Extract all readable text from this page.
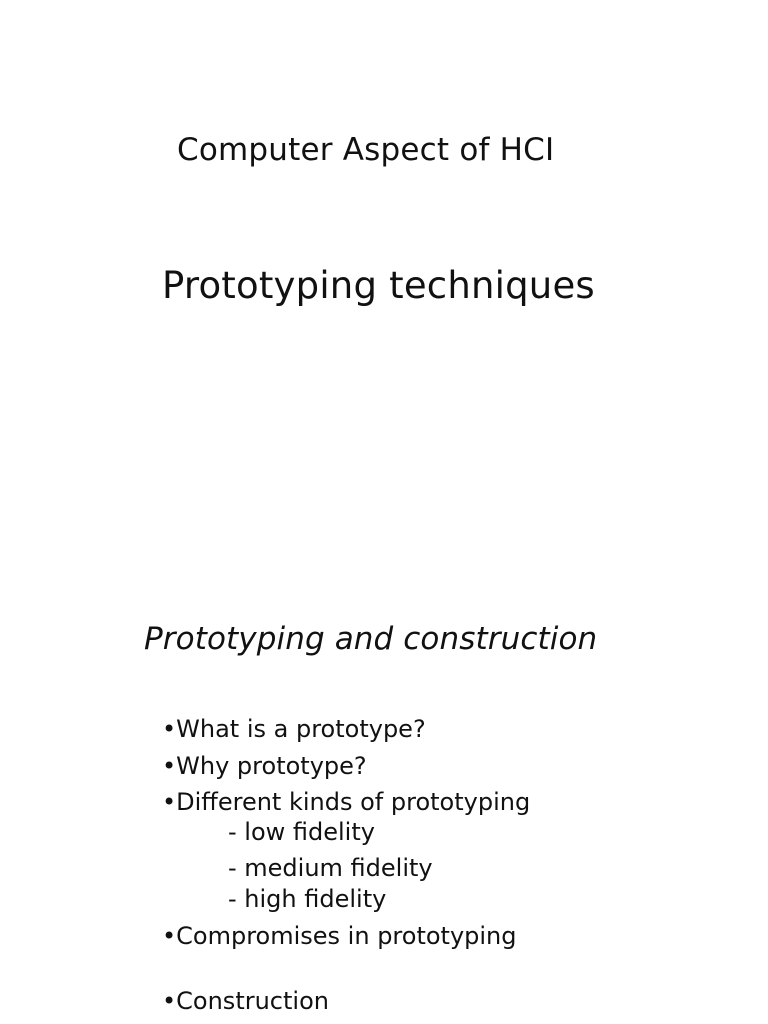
Computer Aspect of HCI
Prototyping techniques
Prototyping and construction
•What is a prototype?
•Why prototype?
•Different kinds of prototyping
- low fidelity
- medium fidelity
- high fidelity
•Compromises in prototyping
•Construction
